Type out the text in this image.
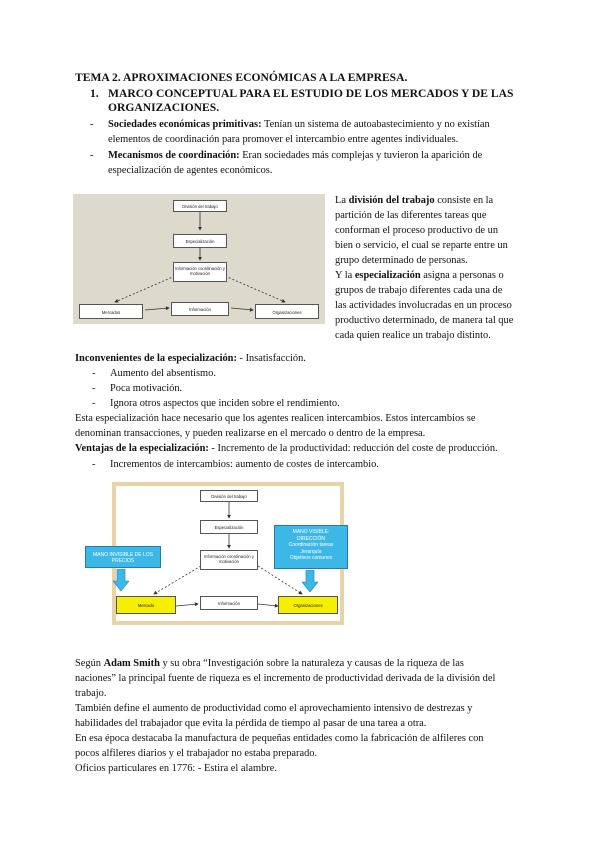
TEMA 2. APROXIMACIONES ECONÓMICAS A LA EMPRESA.
1. MARCO CONCEPTUAL PARA EL ESTUDIO DE LOS MERCADOS Y DE LAS
ORGANIZACIONES.
- Sociedades económicas primitivas: Tenían un sistema de autoabastecimiento y no existían
elementos de coordinación para promover el intercambio entre agentes individuales.
- Mecanismos de coordinación: Eran sociedades más complejas y tuvieron la aparición de
especialización de agentes económicos.
División del trabajo
Especialización
Información coordinación y motivación
Mercados
Información
Organizaciones
La división del trabajo consiste en la
partición de las diferentes tareas que
conforman el proceso productivo de un
bien o servicio, el cual se reparte entre un
grupo determinado de personas.
Y la especialización asigna a personas o
grupos de trabajo diferentes cada una de
las actividades involucradas en un proceso
productivo determinado, de manera tal que
cada quien realice un trabajo distinto.
Inconvenientes de la especialización: - Insatisfacción.
- Aumento del absentismo.
- Poca motivación.
- Ignora otros aspectos que inciden sobre el rendimiento.
Esta especialización hace necesario que los agentes realicen intercambios. Estos intercambios se
denominan transacciones, y pueden realizarse en el mercado o dentro de la empresa.
Ventajas de la especialización: - Incremento de la productividad: reducción del coste de producción.
- Incrementos de intercambios: aumento de costes de intercambio.
División del trabajo
Especialización
Información coordinación y motivación
Mercado	Información	Organizaciones
MANO INVISIBLE DE LOS PRECIOS
MANO VISIBLE:
DIRECCIÓN
Coordinación tareas
Jerarquía
Objetivos comunes
Según Adam Smith y su obra “Investigación sobre la naturaleza y causas de la riqueza de las
naciones” la principal fuente de riqueza es el incremento de productividad derivada de la división del
trabajo.
También define el aumento de productividad como el aprovechamiento intensivo de destrezas y
habilidades del trabajador que evita la pérdida de tiempo al pasar de una tarea a otra.
En esa época destacaba la manufactura de pequeñas entidades como la fabricación de alfileres con
pocos alfileres diarios y el trabajador no estaba preparado.
Oficios particulares en 1776: - Estira el alambre.
